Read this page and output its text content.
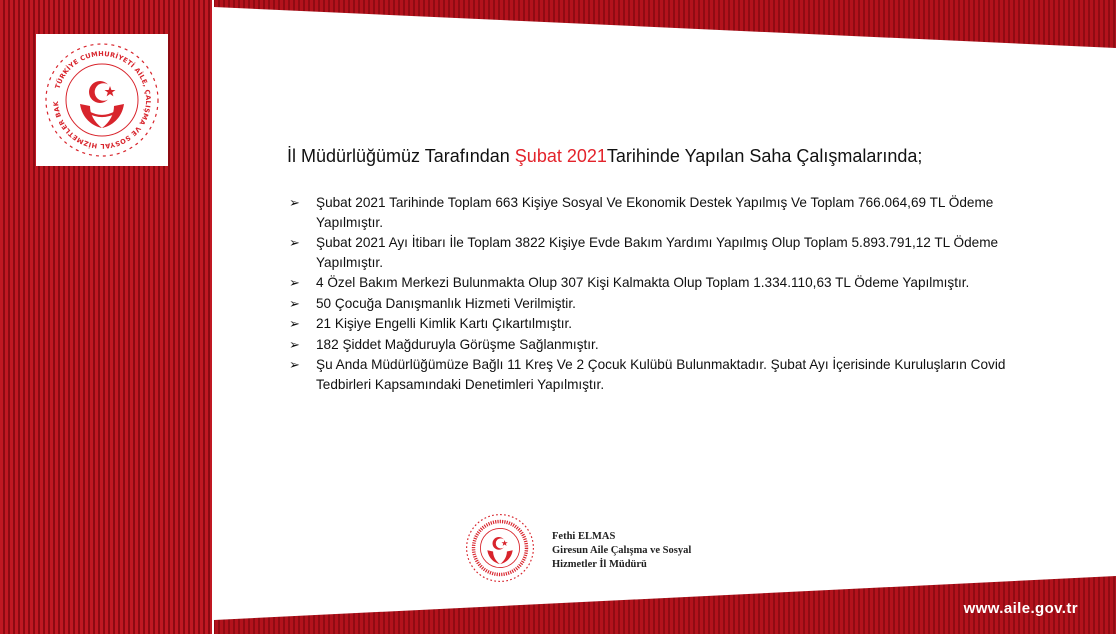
TÜRKİYE CUMHURİYETİ AİLE, ÇALIŞMA VE SOSYAL HİZMETLER BAK
İl Müdürlüğümüz Tarafından Şubat 2021Tarihinde Yapılan Saha Çalışmalarında;
➢	Şubat 2021 Tarihinde Toplam 663 Kişiye Sosyal Ve Ekonomik Destek Yapılmış Ve Toplam 766.064,69 TL Ödeme Yapılmıştır.
➢	Şubat 2021 Ayı İtibarı İle Toplam 3822 Kişiye Evde Bakım Yardımı Yapılmış Olup Toplam 5.893.791,12 TL Ödeme Yapılmıştır.
➢	4 Özel Bakım Merkezi Bulunmakta Olup 307 Kişi Kalmakta Olup Toplam 1.334.110,63 TL Ödeme Yapılmıştır.
➢	50 Çocuğa Danışmanlık Hizmeti Verilmiştir.
➢	21 Kişiye Engelli Kimlik Kartı Çıkartılmıştır.
➢	182 Şiddet Mağduruyla Görüşme Sağlanmıştır.
➢	Şu Anda Müdürlüğümüze Bağlı 11 Kreş Ve 2 Çocuk Kulübü Bulunmaktadır. Şubat Ayı İçerisinde Kuruluşların Covid Tedbirleri Kapsamındaki Denetimleri Yapılmıştır.
Fethi ELMAS
Giresun Aile Çalışma ve Sosyal
Hizmetler İl Müdürü
www.aile.gov.tr
